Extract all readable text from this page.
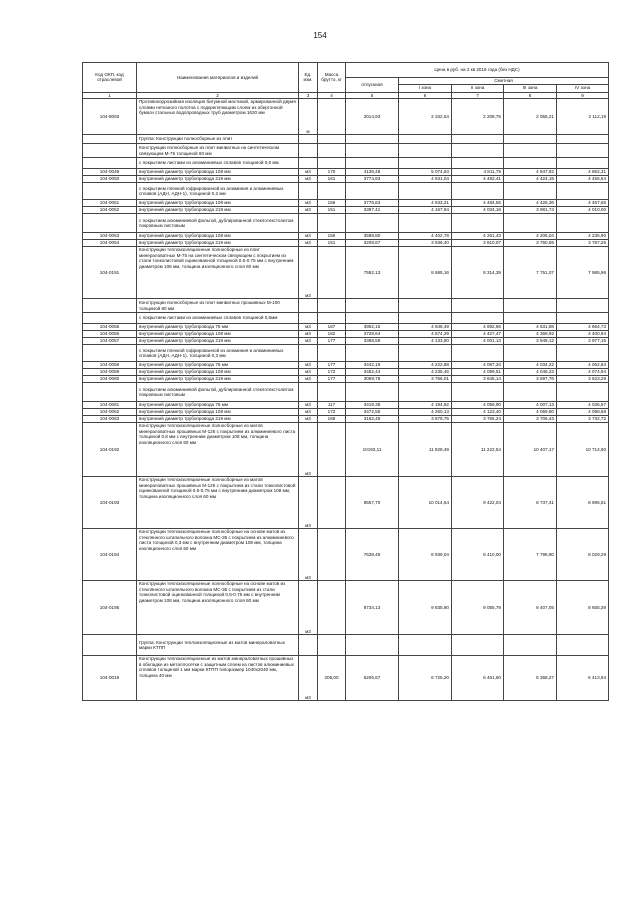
154
Код ОКП, код отраслевой	Наименования материалов и изделий	Ед. изм.	Масса брутто, кг	Цена в руб. на 2 кв 2018 года (без НДС)				
				отпускная	Сметная			
					I зона	II зона	III зона	IV зона
1	2	3	4	5	6	7	8	9
104-8093	Противокоррозийная изоляция битумной мастикой, армированной двумя слоями нетканого полотна с подкрепляющим слоем из обертонной бумаги стальных водопроводных труб диаметром 1620 мм	м		2014,93	2 332,54	2 208,75	2 055,21	2 112,19
	Группа: Конструкции полносборные из плит							
	Конструкции полносборные из плит минватных на синтетическом связующем М-75 толщиной 60 мм							
	с покрытием листами из алюминиевых сплавов толщиной 0,5 мм							
104-0049	внутренний диаметр трубопровода 108 мм	м3	170	4136,48	5 074,63	4 811,75	4 847,92	4 862,31
104-0050	внутренний диаметр трубопровода 219 мм	м3	161	3774,93	4 631,04	4 482,41	4 424,15	4 455,54
	с покрытием пленкой гофрированной из алюминия и алюминиевых сплавов (АДН, АДН-1), толщиной 0,2 мм							
104-0051	внутренний диаметр трубопровода 108 мм	м3	156	3776,63	4 633,21	4 484,55	4 426,36	4 457,65
104-0052	внутренний диаметр трубопровода 219 мм	м3	151	3397,41	4 167,94	4 034,18	3 981,74	4 010,00
	с покрытием алюминиевой фольгой, дублированной стеклотекстолитом покровным листовым							
104-0053	внутренний диаметр трубопровода 108 мм	м3	156	3588,80	4 402,78	4 261,43	4 206,04	4 235,90
104-0054	внутренний диаметр трубопровода 219 мм	м3	151	3208,67	3 936,40	3 810,07	3 760,55	3 787,25
104-0191	Конструкции теплоизоляционные полносборные из плит минераловатных М-75 на синтетическом связующем с покрытием из стали тонколистовой оцинкованной толщиной 0.5-0.75 мм с внутренним диаметром 108 мм, толщина изоляционного слоя 60 мм	м3		7592,13	8 685,16	8 314,39	7 751,07	7 985,96
	Конструкции полносборные из плит минватных прошивных М-100 толщиной 80 мм							
	с покрытием листами из алюминиевых сплавов толщиной 0,5мм							
104-0055	внутренний диаметр трубопровода 76 мм	м3	187	3952,15	4 848,49	4 692,86	4 631,88	4 664,73
104-0056	внутренний диаметр трубопровода 108 мм	м3	182	3728,64	4 574,29	4 427,47	4 369,92	4 400,94
104-0057	внутренний диаметр трубопровода 219 мм	м3	177	3368,59	4 133,80	4 001,13	3 949,12	3 977,15
	с покрытием пленкой гофрированной из алюминия и алюминиевых сплавов (АДН, АДН-1), толщиной 0,3 мм							
104-0058	внутренний диаметр трубопровода 76 мм	м3	177	3442,19	4 222,88	4 087,34	4 034,22	4 062,84
104-0059	внутренний диаметр трубопровода 108 мм	м3	172	3452,44	4 235,46	4 099,51	4 046,23	4 074,94
104-0060	внутренний диаметр трубопровода 219 мм	м3	177	3069,78	3 766,01	3 645,14	3 597,76	3 623,29
	с покрытием алюминиевой фольгой, дублированной стеклотекстолитом покровным листовым							
104-0061	внутренний диаметр трубопровода 76 мм	м3	117	3419,38	4 194,92	4 059,90	4 007,13	4 035,57
104-0062	внутренний диаметр трубопровода 108 мм	м3	172	3472,55	4 260,13	4 123,40	4 069,80	4 098,68
104-0063	внутренний диаметр трубопровода 219 мм	м3	168	3162,49	3 879,75	3 755,24	3 706,43	3 732,72
104-0192	Конструкции теплоизоляционные полносборные из матов минераловатных прошивных М-125 с покрытием из алюминиевого листа толщиной 0.8 мм с внутренним диаметром 108 мм, толщина изоляционного слоя 60 мм	м3		10193,11	11 928,49	11 222,54	10 407,17	10 714,60
104-0193	Конструкции теплоизоляционные полносборные из матов минераловатных прошивных М-125 с покрытием из стали тонколистовой оцинкованной толщиной 0.5-0.75 мм с внутренним диаметром 108 мм, толщина изоляционного слоя 60 мм	м3		8557,70	10 014,64	9 422,04	8 737,41	8 995,51
104-0194	Конструкции теплоизоляционные полносборные на основе матов из стеклянного штапельного волокна МС-35 с покрытием из алюминиевого листа толщиной 0,3 мм с внутренним диаметром 108 мм, толщина изоляционного слоя 60 мм	м3		7638,49	8 939,04	8 410,00	7 798,90	8 029,29
104-0195	Конструкции теплоизоляционные полносборные на основе матов из стеклянного штапельного волокна МС-35 с покрытием из стали тонколистовой оцинкованной толщиной 0,5-0.75 мм с внутренним диаметром 108 мм, толщина изоляционного слоя 60 мм	м3		8734,13	9 835,90	9 055,79	8 407,05	8 655,39
	Группа: Конструкции теплоизоляционные из матов минераловатных марки КТПП							
104-0019	Конструкции теплоизоляционные из матов минераловатных прошивных в обкладке из металлосетки с защитным слоем из листов алюминиевых сплавов толщиной 1 мм марки КТПП типоразмер 1040х2040 мм, толщина 40 мм	м3	206,00	5206,67	6 725,20	6 461,60	6 358,27	6 413,94
